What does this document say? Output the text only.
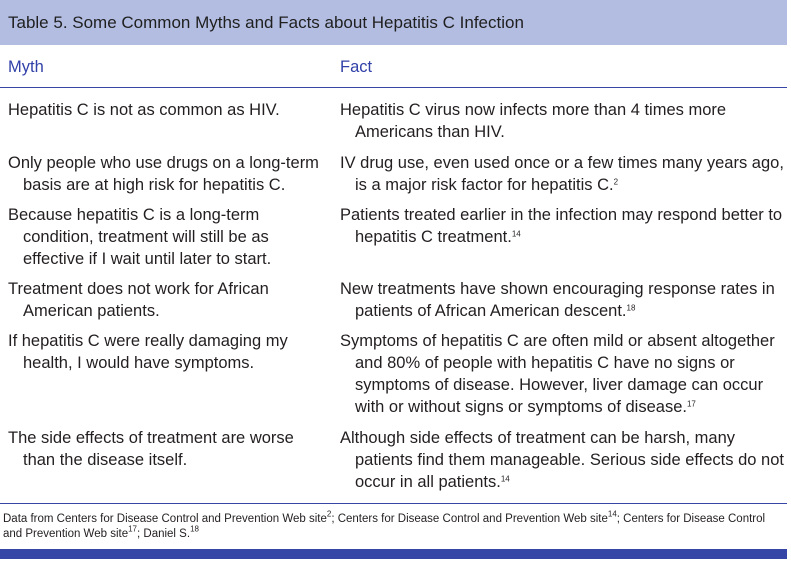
Table 5. Some Common Myths and Facts about Hepatitis C Infection
Myth	Fact
Hepatitis C is not as common as HIV.	Hepatitis C virus now infects more than 4 times more Americans than HIV.
Only people who use drugs on a long-term basis are at high risk for hepatitis C.
IV drug use, even used once or a few times many years ago, is a major risk factor for hepatitis C.$^2$
Because hepatitis C is a long-term condition, treatment will still be as effective if I wait until later to start.
Patients treated earlier in the infection may respond better to hepatitis C treatment.$^{14}$
Treatment does not work for African American patients.
New treatments have shown encouraging response rates in patients of African American descent.$^{18}$
If hepatitis C were really damaging my health, I would have symptoms.
Symptoms of hepatitis C are often mild or absent altogether and 80% of people with hepatitis C have no signs or symptoms of disease. However, liver damage can occur with or without signs or symptoms of disease.$^{17}$
The side effects of treatment are worse than the disease itself.
Although side effects of treatment can be harsh, many patients find them manageable. Serious side effects do not occur in all patients.$^{14}$
Data from Centers for Disease Control and Prevention Web site$^2$; Centers for Disease Control and Prevention Web site$^{14}$; Centers for Disease Control and Prevention Web site$^{17}$; Daniel S.$^{18}$
